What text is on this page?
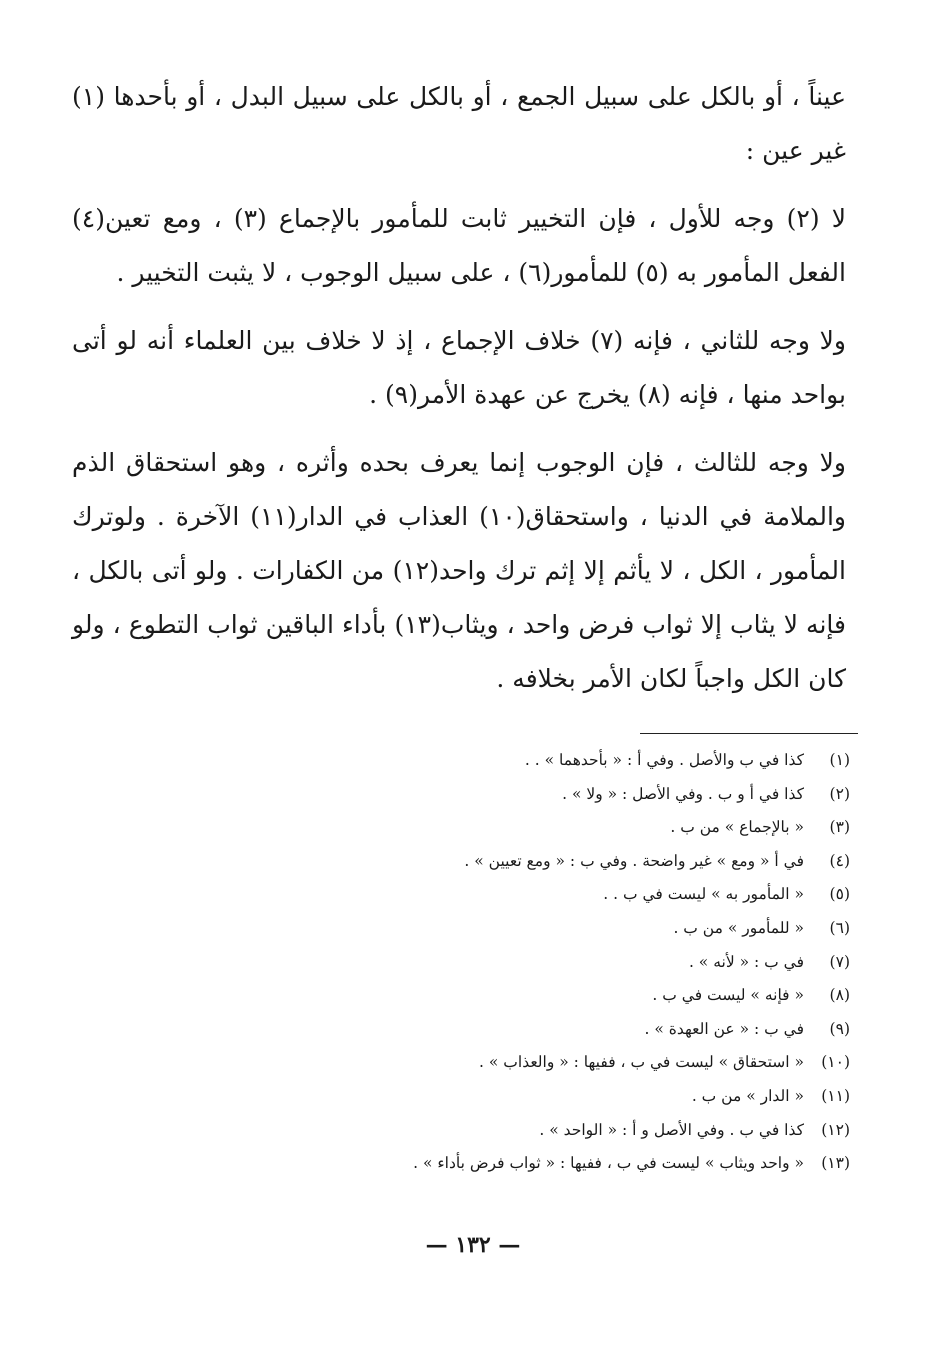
عيناً ، أو بالكل على سبيل الجمع ، أو بالكل على سبيل البدل ، أو بأحدها (١) غير عين :

لا (٢) وجه للأول ، فإن التخيير ثابت للمأمور بالإجماع (٣) ، ومع تعين(٤) الفعل المأمور به (٥) للمأمور(٦) ، على سبيل الوجوب ، لا يثبت التخيير .

ولا وجه للثاني ، فإنه (٧) خلاف الإجماع ، إذ لا خلاف بين العلماء أنه لو أتى بواحد منها ، فإنه (٨) يخرج عن عهدة الأمر(٩) .

ولا وجه للثالث ، فإن الوجوب إنما يعرف بحده وأثره ، وهو استحقاق الذم والملامة في الدنيا ، واستحقاق(١٠) العذاب في الدار(١١) الآخرة . ولوترك المأمور ، الكل ، لا يأثم إلا إثم ترك واحد(١٢) من الكفارات . ولو أتى بالكل ، فإنه لا يثاب إلا ثواب فرض واحد ، ويثاب(١٣) بأداء الباقين ثواب التطوع ، ولو كان الكل واجباً لكان الأمر بخلافه .

(١)كذا في ب والأصل . وفي أ : « بأحدهما » . .
(٢)كذا في أ و ب . وفي الأصل : « ولا » .
(٣)« بالإجماع » من ب .
(٤)في أ « ومع » غير واضحة . وفي ب : « ومع تعيين » .
(٥)« المأمور به » ليست في ب . .
(٦)« للمأمور » من ب .
(٧)في ب : « لأنه » .
(٨)« فإنه » ليست في ب .
(٩)في ب : « عن العهدة » .
(١٠)« استحقاق » ليست في ب ، ففيها : « والعذاب » .
(١١)« الدار » من ب .
(١٢)كذا في ب . وفي الأصل و أ : « الواحد » .
(١٣)« واحد ويثاب » ليست في ب ، ففيها : « ثواب فرض بأداء » .
— ١٣٢ —
